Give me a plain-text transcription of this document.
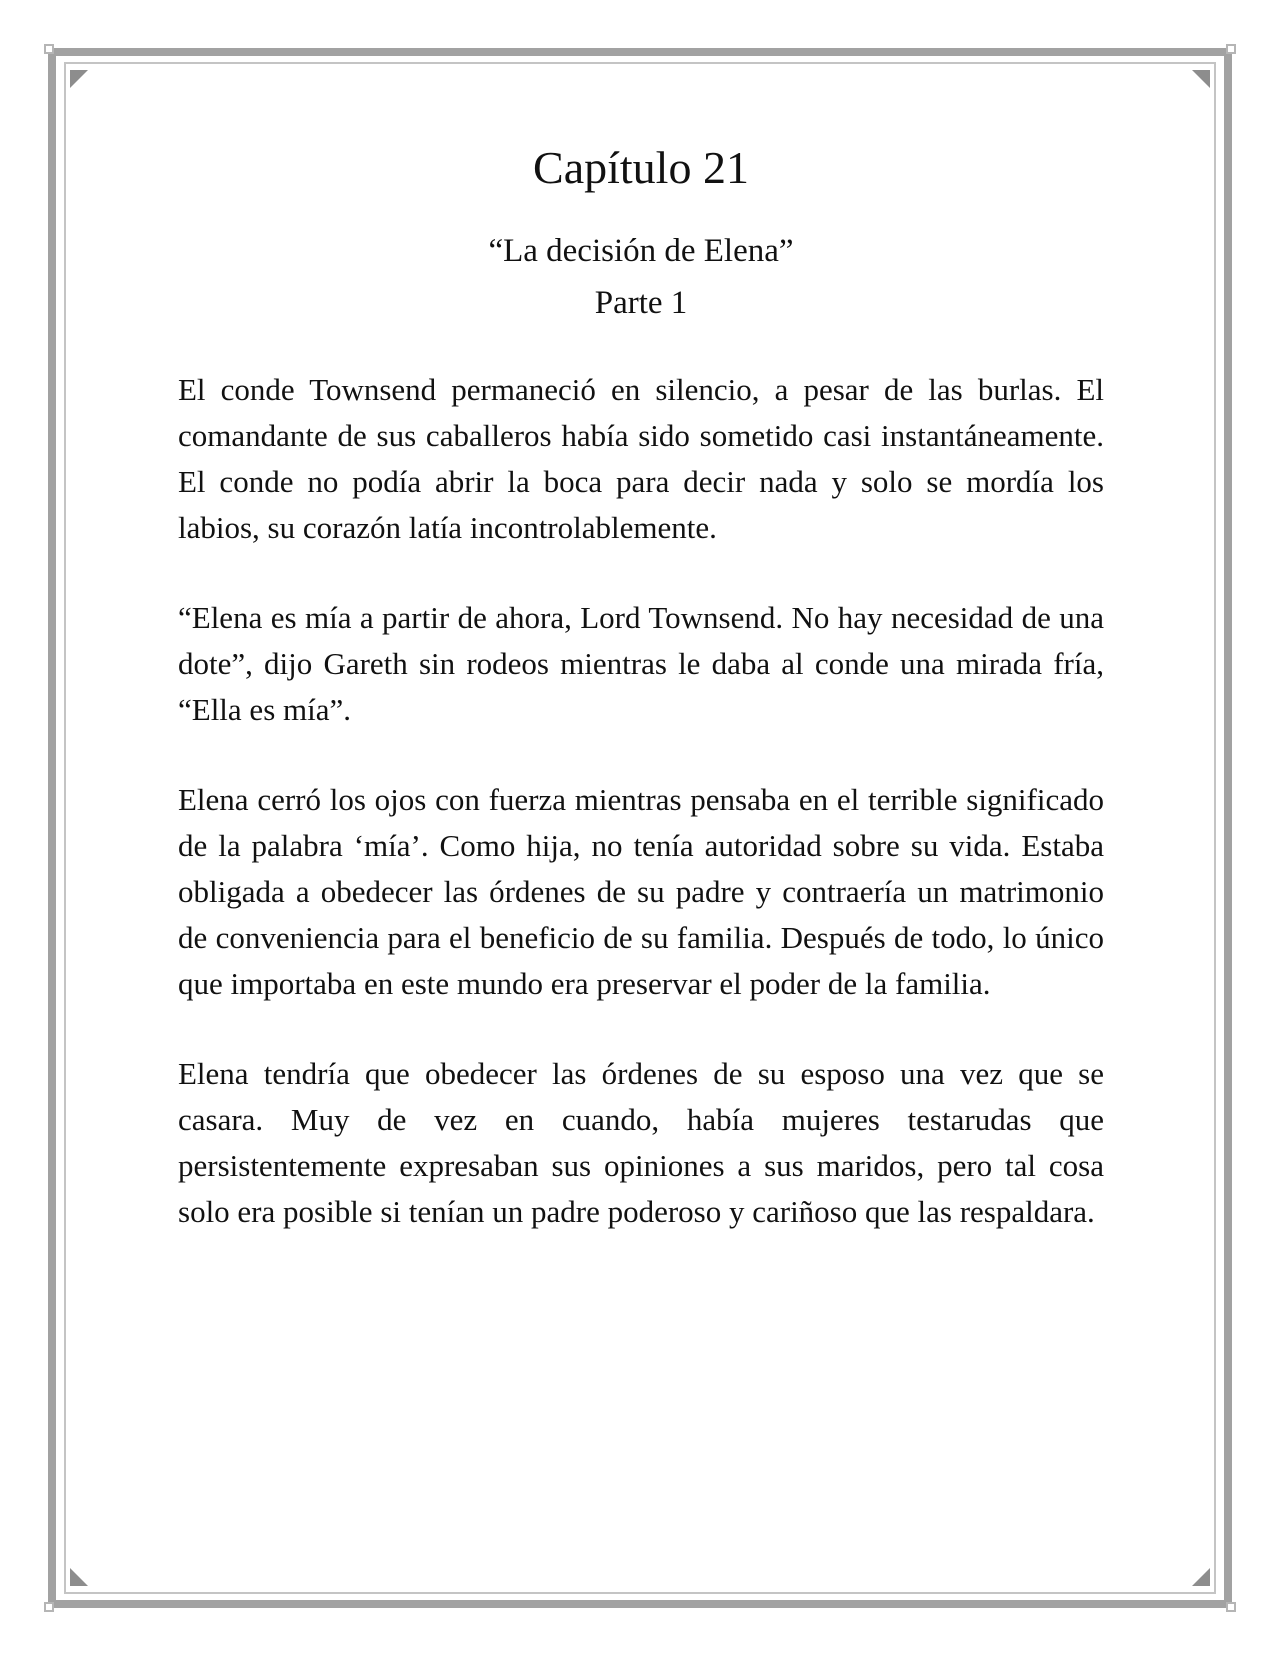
Capítulo 21

“La decisión de Elena”

Parte 1

El conde Townsend permaneció en silencio, a pesar de las burlas. El comandante de sus caballeros había sido sometido casi instantáneamente. El conde no podía abrir la boca para decir nada y solo se mordía los labios, su corazón latía incontrolablemente.

“Elena es mía a partir de ahora, Lord Townsend. No hay necesidad de una dote”, dijo Gareth sin rodeos mientras le daba al conde una mirada fría, “Ella es mía”.

Elena cerró los ojos con fuerza mientras pensaba en el terrible significado de la palabra ‘mía’. Como hija, no tenía autoridad sobre su vida. Estaba obligada a obedecer las órdenes de su padre y contraería un matrimonio de conveniencia para el beneficio de su familia. Después de todo, lo único que importaba en este mundo era preservar el poder de la familia.

Elena tendría que obedecer las órdenes de su esposo una vez que se casara. Muy de vez en cuando, había mujeres testarudas que persistentemente expresaban sus opiniones a sus maridos, pero tal cosa solo era posible si tenían un padre poderoso y cariñoso que las respaldara.
